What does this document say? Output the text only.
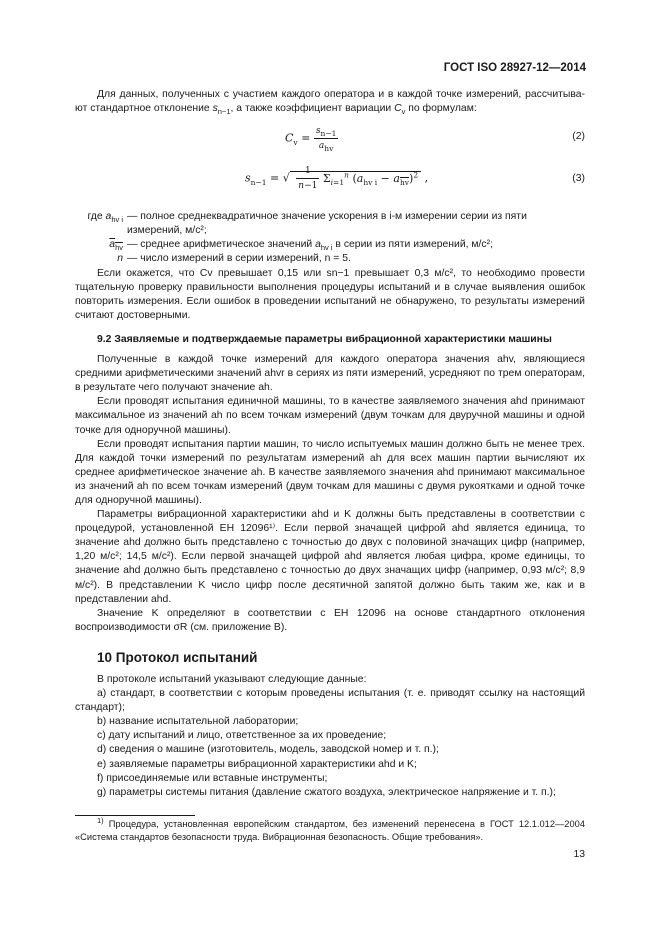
ГОСТ ISO 28927-12—2014

Для данных, полученных с участием каждого оператора и в каждой точке измерений, рассчитыва-ют стандартное отклонение $s_{n-1}$, а также коэффициент вариации $C_v$ по формулам:

$C_v = \frac{s_{n-1}}{a_{hv}}$	(2)
$s_{n-1}$ = √ $\frac{1}{n-1} \Sigma_{i=1}^n$ $(a_{hv i} - a_{hv})^2$ ,	(3)
где $a_{hv i}$ — полное среднеквадратичное значение ускорения в i-м измерении серии из пяти измерений, м/с²;
$a_{hv}$ — среднее арифметическое значений $a_{hv i}$ в серии из пяти измерений, м/с²;
n — число измерений в серии измерений, n = 5.

Если окажется, что Cv превышает 0,15 или sn−1 превышает 0,3 м/с², то необходимо провести тщательную проверку правильности выполнения процедуры испытаний и в случае выявления ошибок повторить измерения. Если ошибок в проведении испытаний не обнаружено, то результаты измерений считают достоверными.

9.2 Заявляемые и подтверждаемые параметры вибрационной характеристики машины

Полученные в каждой точке измерений для каждого оператора значения ahv, являющиеся средними арифметическими значений ahvr в сериях из пяти измерений, усредняют по трем операторам, в результате чего получают значение ah.

Если проводят испытания единичной машины, то в качестве заявляемого значения ahd принимают максимальное из значений ah по всем точкам измерений (двум точкам для двуручной машины и одной точке для одноручной машины).

Если проводят испытания партии машин, то число испытуемых машин должно быть не менее трех. Для каждой точки измерений по результатам измерений ah для всех машин партии вычисляют их среднее арифметическое значение ah. В качестве заявляемого значения ahd принимают максимальное из значений ah по всем точкам измерений (двум точкам для машины с двумя рукоятками и одной точке для одноручной машины).

Параметры вибрационной характеристики ahd и K должны быть представлены в соответствии с процедурой, установленной ЕН 12096¹⁾. Если первой значащей цифрой ahd является единица, то значение ahd должно быть представлено с точностью до двух с половиной значащих цифр (например, 1,20 м/с²; 14,5 м/с²). Если первой значащей цифрой ahd является любая цифра, кроме единицы, то значение ahd должно быть представлено с точностью до двух значащих цифр (например, 0,93 м/с²; 8,9 м/с²). В представлении K число цифр после десятичной запятой должно быть таким же, как и в представлении ahd.

Значение K определяют в соответствии с ЕН 12096 на основе стандартного отклонения воспроизводимости σR (см. приложение В).

10 Протокол испытаний

В протоколе испытаний указывают следующие данные:

a) стандарт, в соответствии с которым проведены испытания (т. е. приводят ссылку на настоящий стандарт);

b) название испытательной лаборатории;

c) дату испытаний и лицо, ответственное за их проведение;

d) сведения о машине (изготовитель, модель, заводской номер и т. п.);

e) заявляемые параметры вибрационной характеристики ahd и K;

f) присоединяемые или вставные инструменты;

g) параметры системы питания (давление сжатого воздуха, электрическое напряжение и т. п.);

$^{1)}$ Процедура, установленная европейским стандартом, без изменений перенесена в ГОСТ 12.1.012—2004 «Система стандартов безопасности труда. Вибрационная безопасность. Общие требования».
13
